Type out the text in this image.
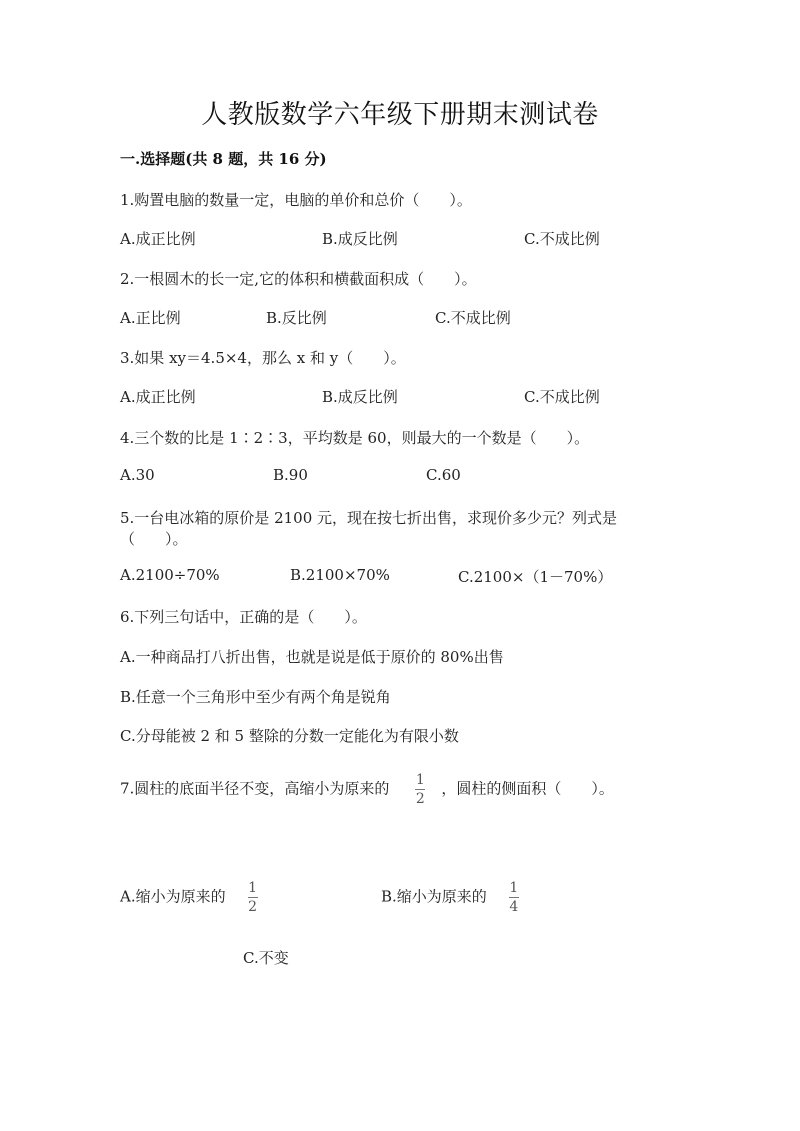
人教版数学六年级下册期末测试卷
一.选择题(共 8 题，共 16 分)
1.购置电脑的数量一定，电脑的单价和总价（　　）。
A.成正比例	B.成反比例	C.不成比例
2.一根圆木的长一定,它的体积和横截面积成（　　）。
A.正比例	B.反比例	C.不成比例
3.如果 xy＝4.5×4，那么 x 和 y（　　）。
A.成正比例	B.成反比例	C.不成比例
4.三个数的比是 1∶2∶3，平均数是 60，则最大的一个数是（　　）。
A.30	B.90	C.60
5.一台电冰箱的原价是 2100 元，现在按七折出售，求现价多少元？列式是
（　　）。
A.2100÷70%	B.2100×70%	C.2100×（1－70%）
6.下列三句话中，正确的是（　　）。
A.一种商品打八折出售，也就是说是低于原价的 80%出售
B.任意一个三角形中至少有两个角是锐角
C.分母能被 2 和 5 整除的分数一定能化为有限小数
7.圆柱的底面半径不变，高缩小为原来的 $\frac{1}{2}$ ，圆柱的侧面积（　　）。
A.缩小为原来的 $\frac{1}{2}$	B.缩小为原来的 $\frac{1}{4}$
C.不变
